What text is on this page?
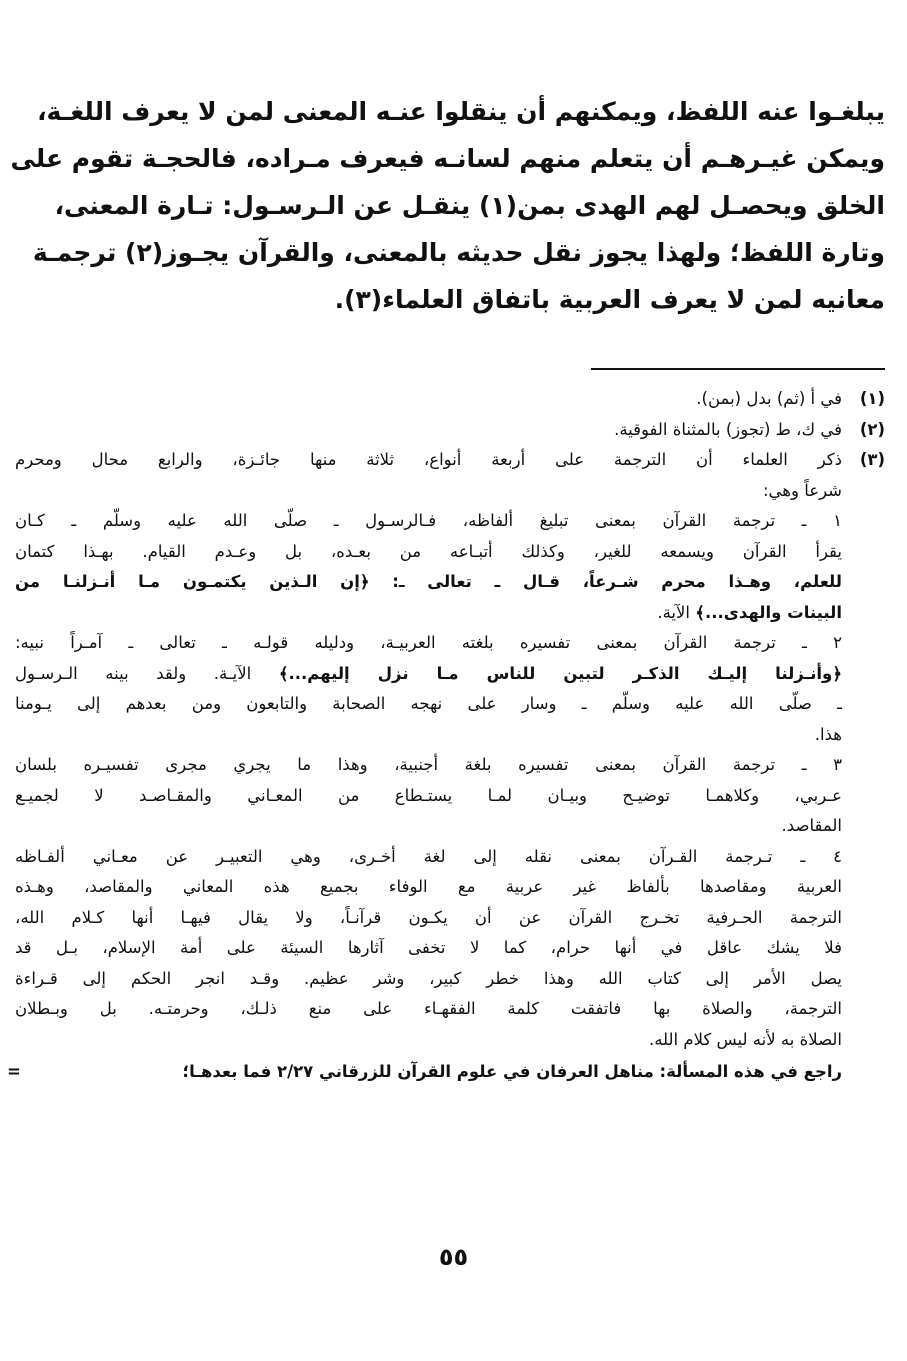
يبلغـوا عنه اللفظ، ويمكنهم أن ينقلوا عنـه المعنى لمن لا يعرف اللغـة،
ويمكن غيـرهـم أن يتعلم منهم لسانـه فيعرف مـراده، فالحجـة تقوم على
الخلق ويحصـل لهم الهدى بمن(١) ينقـل عن الـرسـول: تـارة المعنى،
وتارة اللفظ؛ ولهذا يجوز نقل حديثه بالمعنى، والقرآن يجـوز(٢) ترجمـة
معانيه لمن لا يعرف العربية باتفاق العلماء(٣).
(١)
في أ (ثم) بدل (بمن).
(٢)
في ك، ط (تجوز) بالمثناة الفوقية.
(٣)
ذكر العلماء أن الترجمة على أربعة أنواع، ثلاثة منها جائـزة، والرابع محال ومحرم
شرعاً وهي:
١ ـ ترجمة القرآن بمعنى تبليغ ألفاظه، فـالرسـول ـ صلّى الله عليه وسلّم ـ كـان
يقرأ القرآن ويسمعه للغير، وكذلك أتبـاعه من بعـده، بل وعـدم القيام. بهـذا كتمان
للعلم، وهـذا محرم شـرعاً، قـال ـ تعالى ـ: ﴿إن الـذين يكتمـون مـا أنـزلنـا من
البينات والهدى...﴾ الآية.
٢ ـ ترجمة القرآن بمعنى تفسيره بلغته العربيـة، ودليله قولـه ـ تعالى ـ آمـراً نبيه:
﴿وأنـزلنا إليـك الذكـر لتبين للناس مـا نزل إليهم...﴾ الآيـة. ولقد بينه الـرسـول
ـ صلّى الله عليه وسلّم ـ وسار على نهجه الصحابة والتابعون ومن بعدهم إلى يـومنا
هذا.
٣ ـ ترجمة القرآن بمعنى تفسيره بلغة أجنبية، وهذا ما يجري مجرى تفسيـره بلسان
عـربي، وكلاهمـا توضيـح وبيـان لمـا يستـطاع من المعـاني والمقـاصـد لا لجميـع
المقاصد.
٤ ـ تـرجمة القـرآن بمعنى نقله إلى لغة أخـرى، وهي التعبيـر عن معـاني ألفـاظه
العربية ومقاصدها بألفاظ غير عربية مع الوفاء بجميع هذه المعاني والمقاصد، وهـذه
الترجمة الحـرفية تخـرج القرآن عن أن يكـون قرآنـاً، ولا يقال فيهـا أنها كـلام الله،
فلا يشك عاقل في أنها حرام، كما لا تخفى آثارها السيئة على أمة الإسلام، بـل قد
يصل الأمر إلى كتاب الله وهذا خطر كبير، وشر عظيم. وقـد انجر الحكم إلى قـراءة
الترجمة، والصلاة بها فاتفقت كلمة الفقهـاء على منع ذلـك، وحرمتـه. بل وبـطلان
الصلاة به لأنه ليس كلام الله.
راجع في هذه المسألة: مناهل العرفان في علوم القرآن للزرقاني ٢/٢٧ فما بعدهـا؛
=
٥٥
